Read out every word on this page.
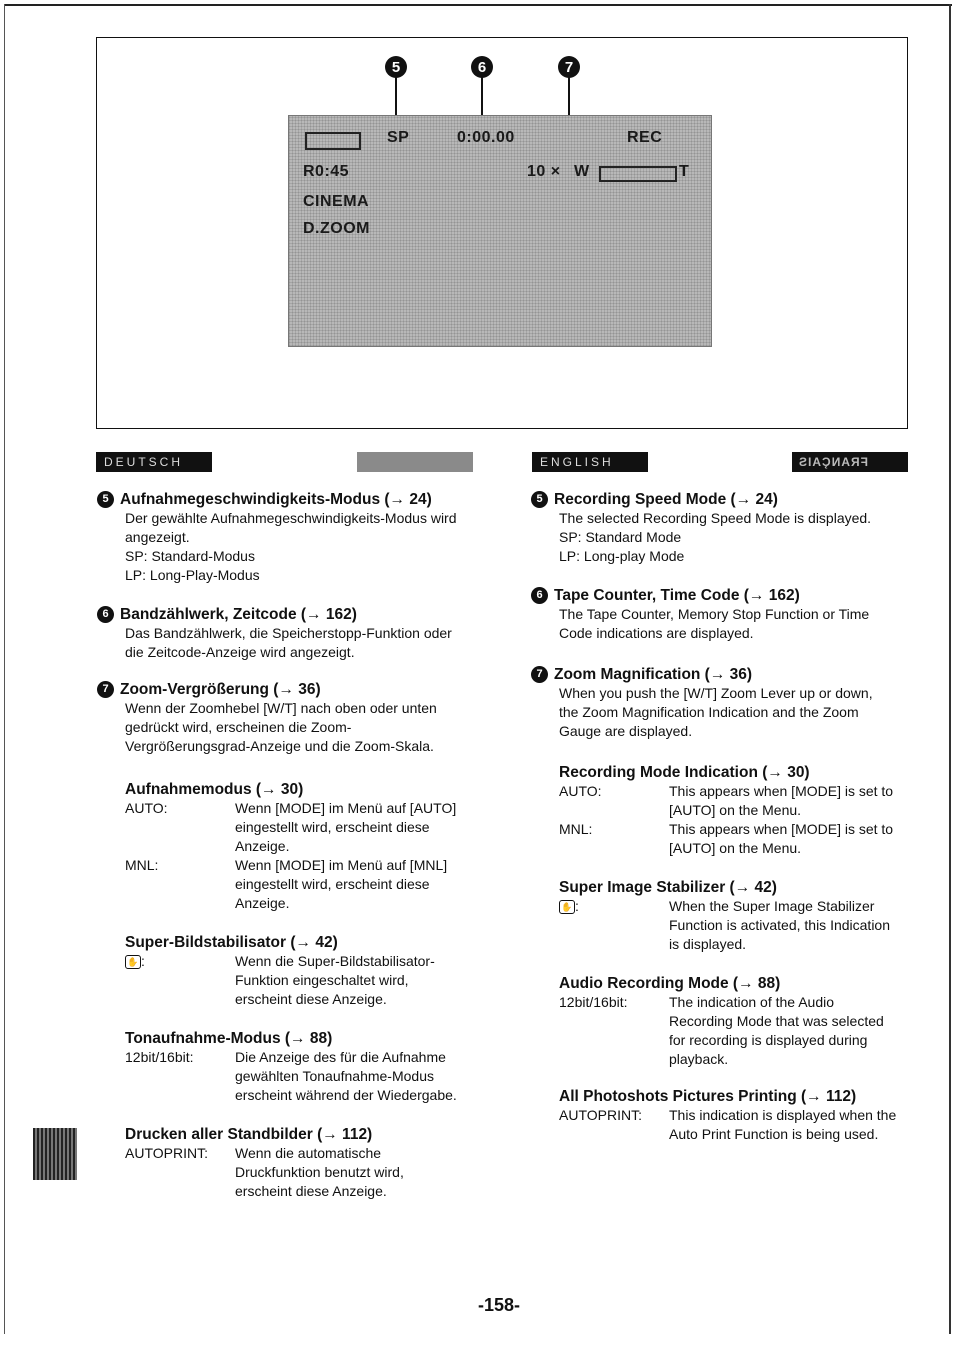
5	6	7
SP	0:00.00	REC
R0:45	10 × W	T
CINEMA
D.ZOOM
DEUTSCH	ENGLISH	FRANÇAIS
5 Aufnahmegeschwindigkeits-Modus (→ 24)
Der gewählte Aufnahmegeschwindigkeits-Modus wird
angezeigt.
SP: Standard-Modus
LP: Long-Play-Modus
6 Bandzählwerk, Zeitcode (→ 162)
Das Bandzählwerk, die Speicherstopp-Funktion oder
die Zeitcode-Anzeige wird angezeigt.
7 Zoom-Vergrößerung (→ 36)
Wenn der Zoomhebel [W/T] nach oben oder unten
gedrückt wird, erscheinen die Zoom-
Vergrößerungsgrad-Anzeige und die Zoom-Skala.
Aufnahmemodus (→ 30)
AUTO:	Wenn [MODE] im Menü auf [AUTO]
eingestellt wird, erscheint diese
Anzeige.
MNL:	Wenn [MODE] im Menü auf [MNL]
eingestellt wird, erscheint diese
Anzeige.
Super-Bildstabilisator (→ 42)
✋ :	Wenn die Super-Bildstabilisator-
Funktion eingeschaltet wird,
erscheint diese Anzeige.
Tonaufnahme-Modus (→ 88)
12bit/16bit:	Die Anzeige des für die Aufnahme
gewählten Tonaufnahme-Modus
erscheint während der Wiedergabe.
Drucken aller Standbilder (→ 112)
AUTOPRINT:	Wenn die automatische
Druckfunktion benutzt wird,
erscheint diese Anzeige.
5 Recording Speed Mode (→ 24)
The selected Recording Speed Mode is displayed.
SP: Standard Mode
LP: Long-play Mode
6 Tape Counter, Time Code (→ 162)
The Tape Counter, Memory Stop Function or Time
Code indications are displayed.
7 Zoom Magnification (→ 36)
When you push the [W/T] Zoom Lever up or down,
the Zoom Magnification Indication and the Zoom
Gauge are displayed.
Recording Mode Indication (→ 30)
AUTO:	This appears when [MODE] is set to
[AUTO] on the Menu.
MNL:	This appears when [MODE] is set to
[AUTO] on the Menu.
Super Image Stabilizer (→ 42)
✋ :	When the Super Image Stabilizer
Function is activated, this Indication
is displayed.
Audio Recording Mode (→ 88)
12bit/16bit:	The indication of the Audio
Recording Mode that was selected
for recording is displayed during
playback.
All Photoshots Pictures Printing (→ 112)
AUTOPRINT:	This indication is displayed when the
Auto Print Function is being used.
-158-
